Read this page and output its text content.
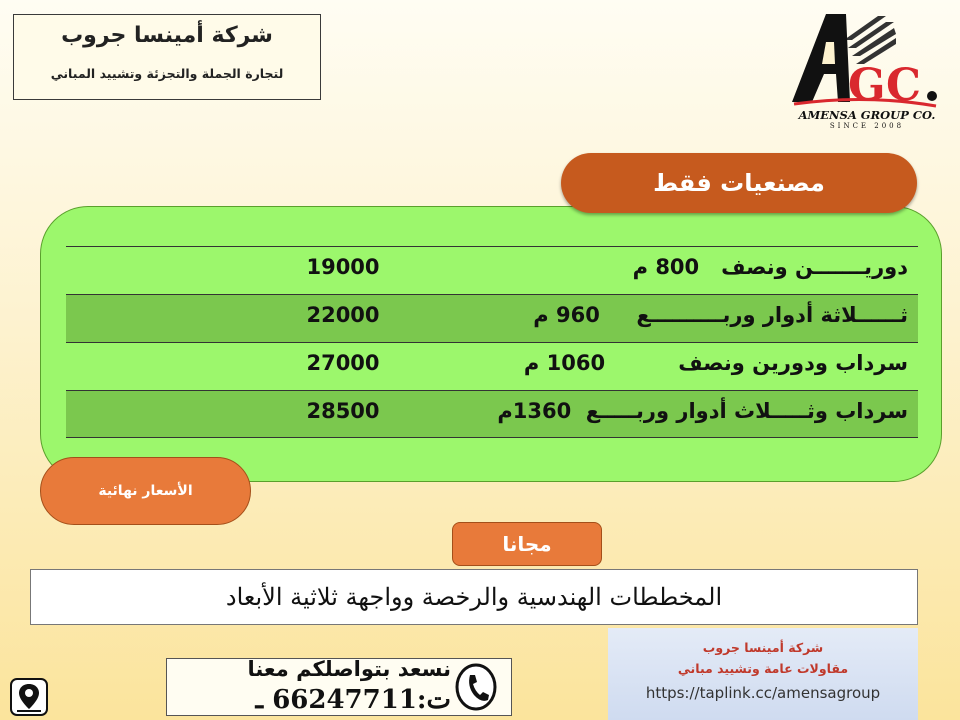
شركة أمينسا جروب
لتجارة الجملة والتجزئة وتشييد المباني	G C
AMENSA GROUP CO.
SINCE 2008
مصنعيات فقط
دوريـــــــن ونصف   800 م
19000
ثــــــلاثة أدوار وربــــــــــع     960 م
22000
سرداب ودورين ونصف          1060 م
27000
سرداب وثـــــلاث أدوار وربـــــع  1360م
28500
الأسعار نهائية
مجانا
المخططات الهندسية والرخصة وواجهة ثلاثية الأبعاد
نسعد بتواصلكم معنا
ت:66247711 ـ
شركة أمينسا جروب
مقاولات عامة وتشييد مباني
https://taplink.cc/amensagroup
